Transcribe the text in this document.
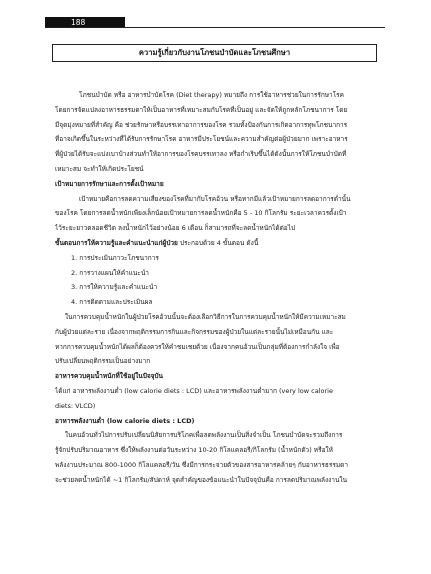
188
ความรู้เกี่ยวกับงานโภชนบำบัดและโภชนศึกษา
โภชนบำบัด หรือ อาหารบำบัดโรค (Diet therapy) หมายถึง การใช้อาหารช่วยในการรักษาโรค
โดยการจัดแปลงอาหารธรรมดาให้เป็นอาหารที่เหมาะสมกับโรคที่เป็นอยู่ และจัดให้ถูกหลักโภชนาการ โดย
มีจุดมุ่งหมายที่สำคัญ คือ ช่วยรักษาหรือบรรเทาอาการของโรค รวมทั้งป้องกันการเกิดอาการทุพโภชนาการ
ที่อาจเกิดขึ้นในระหว่างที่ได้รับการรักษาโรค อาหารมีประโยชน์และความสำคัญต่อผู้ป่วยมาก เพราะอาหาร
ที่ผู้ป่วยได้รับจะแบ่งเบาบ้างส่วนทำให้อาการของโรคบรรเทาลง หรือกำเริบขึ้นได้ดังนั้นการให้โภชนบำบัดที่
เหมาะสม จะทำให้เกิดประโยชน์
เป้าหมายการรักษาและการตั้งเป้าหมาย
เป้าหมายคือการลดความเสี่ยงของโรคที่มากับโรคอ้วน หรือหากมีแล้วเป้าหมายการลดอาการต่ำนั้น
ของโรค โดยการลดน้ำหนักเพียงเล็กน้อยเป้าหมายการลดน้ำหนักคือ 5 - 10 กิโลกรัม ระยะเวลาควรตั้งเป้า
ไว้ระยะยาวตลอดชีวิต ลงน้ำหนักไว้อย่างน้อย 6 เดือน ก็สามารถที่จะลดน้ำหนักได้ต่อไป
ขั้นตอนการให้ความรู้และคำแนะนำแก่ผู้ป่วย ประกอบด้วย 4 ขั้นตอน ดังนี้
1. การประเมินภาวะโภชนาการ
2. การวางแผนให้คำแนะนำ
3. การให้ความรู้และคำแนะนำ
4. การติดตามและประเมินผล
ในการควบคุมน้ำหนักในผู้ป่วยโรคอ้วนนั้นจะต้องเลือกวิธีการในการควบคุมน้ำหนักให้มีความเหมาะสม
กับผู้ป่วยแต่ละราย เนื่องจากพฤติกรรมการกินและกิจกรรมของผู้ป่วยในแต่ละรายนั้นไม่เหมือนกัน และ
หากการควบคุมน้ำหนักได้ผลก็ต้องควรให้คำชมเชยด้วย เนื่องจากคนอ้วนเป็นกลุ่มที่ต้องการกำลังใจ เพื่อ
ปรับเปลี่ยนพฤติกรรมเป็นอย่างมาก
อาหารควบคุมน้ำหนักที่ใช้อยู่ในปัจจุบัน
ได้แก่ อาหารพลังงานต่ำ (low calorie diets : LCD) และอาหารพลังงานต่ำมาก (very low calorie
diets: VLCD)
อาหารพลังงานต่ำ (low calorie diets : LCD)
ในคนอ้วนทั่วไปการปรับเปลี่ยนนิสัยการบริโภคเพื่อลดพลังงานเป็นสิ่งจำเป็น โภชนบำบัดจะรวมถึงการ
รู้จักปรับปริมาณอาหาร ซึ่งให้พลังงานต่อวันระหว่าง 10-20 กิโลแคลอรี/กิโลกรัม (น้ำหนักตัว) หรือให้
พลังงานประมาณ 800-1000 กิโลแคลอรี/วัน ซึ่งมีการกระจายตัวของสารอาหารคล้ายๆ กับอาหารธรรมดา
จะช่วยลดน้ำหนักได้ ~1 กิโลกรัม/สัปดาห์ จุดสำคัญของข้อแนะนำในปัจจุบันคือ การลดปริมาณพลังงานใน
